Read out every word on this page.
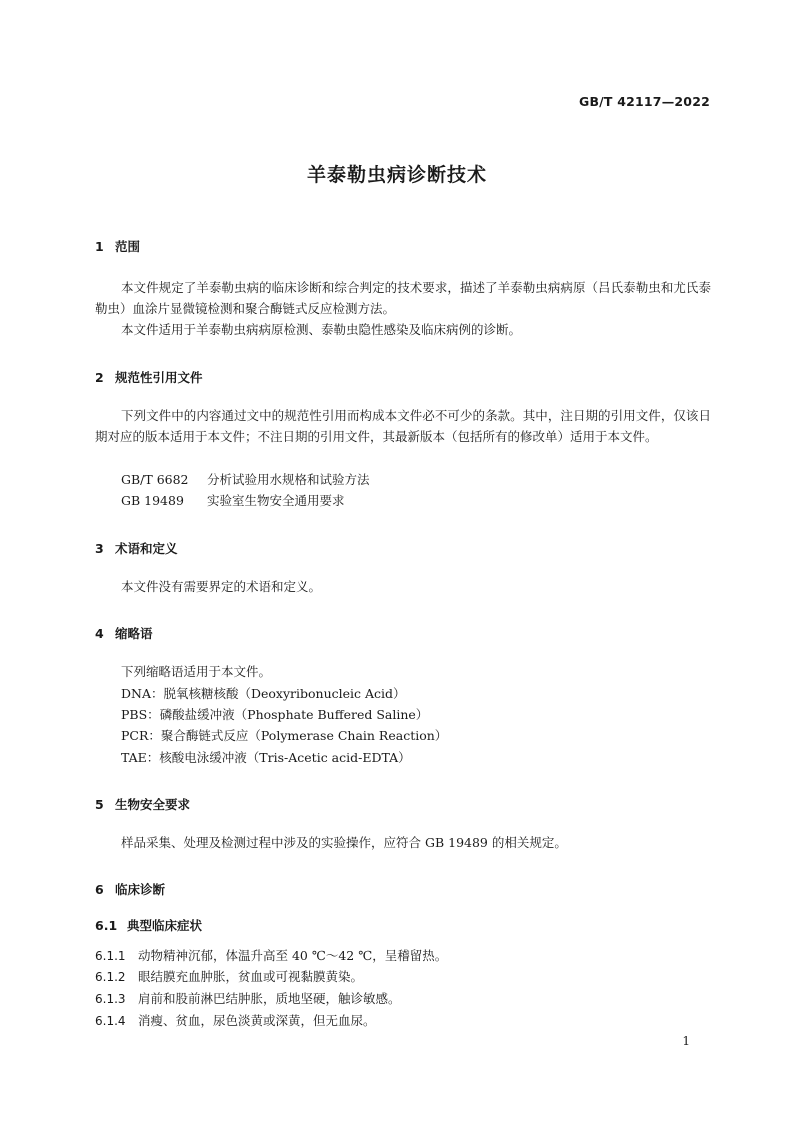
GB/T 42117—2022
羊泰勒虫病诊断技术
1 范围
本文件规定了羊泰勒虫病的临床诊断和综合判定的技术要求，描述了羊泰勒虫病病原（吕氏泰勒虫和尤氏泰勒虫）血涂片显微镜检测和聚合酶链式反应检测方法。
本文件适用于羊泰勒虫病病原检测、泰勒虫隐性感染及临床病例的诊断。
2 规范性引用文件
下列文件中的内容通过文中的规范性引用而构成本文件必不可少的条款。其中，注日期的引用文件，仅该日期对应的版本适用于本文件；不注日期的引用文件，其最新版本（包括所有的修改单）适用于本文件。
GB/T 6682 分析试验用水规格和试验方法
GB 19489 实验室生物安全通用要求
3 术语和定义
本文件没有需要界定的术语和定义。
4 缩略语
下列缩略语适用于本文件。
DNA：脱氧核糖核酸（Deoxyribonucleic Acid）
PBS：磷酸盐缓冲液（Phosphate Buffered Saline）
PCR：聚合酶链式反应（Polymerase Chain Reaction）
TAE：核酸电泳缓冲液（Tris-Acetic acid-EDTA）
5 生物安全要求
样品采集、处理及检测过程中涉及的实验操作，应符合 GB 19489 的相关规定。
6 临床诊断
6.1 典型临床症状
6.1.1 动物精神沉郁，体温升高至 40 ℃～42 ℃，呈稽留热。
6.1.2 眼结膜充血肿胀，贫血或可视黏膜黄染。
6.1.3 肩前和股前淋巴结肿胀，质地坚硬，触诊敏感。
6.1.4 消瘦、贫血，尿色淡黄或深黄，但无血尿。
1
